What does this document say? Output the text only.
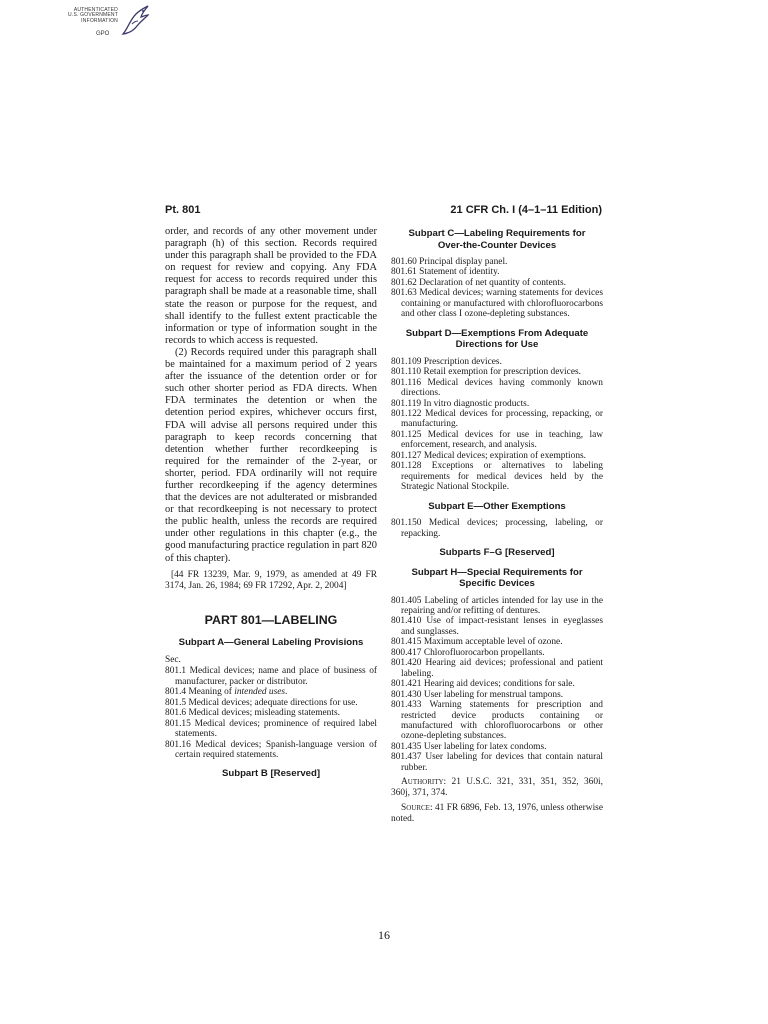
AUTHENTICATED
U.S. GOVERNMENT
INFORMATION
GPO
Pt. 801	21 CFR Ch. I (4–1–11 Edition)

order, and records of any other movement under paragraph (h) of this section. Records required under this paragraph shall be provided to the FDA on request for review and copying. Any FDA request for access to records required under this paragraph shall be made at a reasonable time, shall state the reason or purpose for the request, and shall identify to the fullest extent practicable the information or type of information sought in the records to which access is requested.

(2) Records required under this paragraph shall be maintained for a maximum period of 2 years after the issuance of the detention order or for such other shorter period as FDA directs. When FDA terminates the detention or when the detention period expires, whichever occurs first, FDA will advise all persons required under this paragraph to keep records concerning that detention whether further recordkeeping is required for the remainder of the 2-year, or shorter, period. FDA ordinarily will not require further recordkeeping if the agency determines that the devices are not adulterated or misbranded or that recordkeeping is not necessary to protect the public health, unless the records are required under other regulations in this chapter (e.g., the good manufacturing practice regulation in part 820 of this chapter).

[44 FR 13239, Mar. 9, 1979, as amended at 49 FR 3174, Jan. 26, 1984; 69 FR 17292, Apr. 2, 2004]

PART 801—LABELING
Subpart A—General Labeling Provisions
Sec.

801.1 Medical devices; name and place of business of manufacturer, packer or distributor.

801.4 Meaning of intended uses.

801.5 Medical devices; adequate directions for use.

801.6 Medical devices; misleading statements.

801.15 Medical devices; prominence of required label statements.

801.16 Medical devices; Spanish-language version of certain required statements.

Subpart B [Reserved]
Subpart C—Labeling Requirements for Over-the-Counter Devices

801.60 Principal display panel.

801.61 Statement of identity.

801.62 Declaration of net quantity of contents.

801.63 Medical devices; warning statements for devices containing or manufactured with chlorofluorocarbons and other class I ozone-depleting substances.

Subpart D—Exemptions From Adequate Directions for Use

801.109 Prescription devices.

801.110 Retail exemption for prescription devices.

801.116 Medical devices having commonly known directions.

801.119 In vitro diagnostic products.

801.122 Medical devices for processing, repacking, or manufacturing.

801.125 Medical devices for use in teaching, law enforcement, research, and analysis.

801.127 Medical devices; expiration of exemptions.

801.128 Exceptions or alternatives to labeling requirements for medical devices held by the Strategic National Stockpile.

Subpart E—Other Exemptions

801.150 Medical devices; processing, labeling, or repacking.

Subparts F–G [Reserved]
Subpart H—Special Requirements for Specific Devices

801.405 Labeling of articles intended for lay use in the repairing and/or refitting of dentures.

801.410 Use of impact-resistant lenses in eyeglasses and sunglasses.

801.415 Maximum acceptable level of ozone.

800.417 Chlorofluorocarbon propellants.

801.420 Hearing aid devices; professional and patient labeling.

801.421 Hearing aid devices; conditions for sale.

801.430 User labeling for menstrual tampons.

801.433 Warning statements for prescription and restricted device products containing or manufactured with chlorofluorocarbons or other ozone-depleting substances.

801.435 User labeling for latex condoms.

801.437 User labeling for devices that contain natural rubber.

Authority: 21 U.S.C. 321, 331, 351, 352, 360i, 360j, 371, 374.

Source: 41 FR 6896, Feb. 13, 1976, unless otherwise noted.

16
